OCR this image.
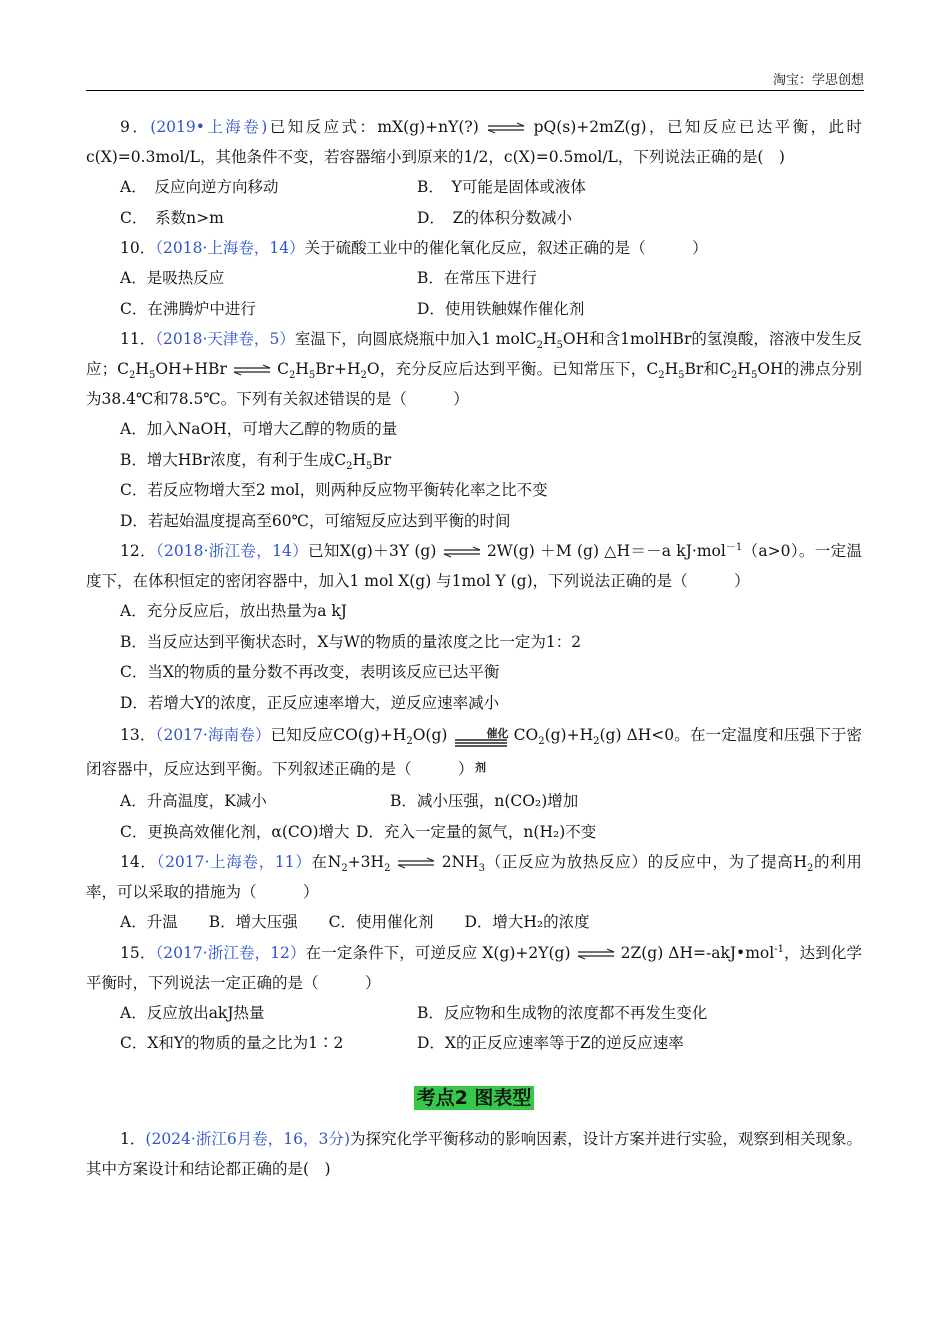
淘宝：学思创想

9．(2019•上海卷)已知反应式：mX(g)+nY(?) ⇌ pQ(s)+2mZ(g)，已知反应已达平衡，此时c(X)=0.3mol/L，其他条件不变，若容器缩小到原来的1/2，c(X)=0.5mol/L，下列说法正确的是(　)

A．　反应向逆方向移动	B．　Y可能是固体或液体
C．　系数n>m	D．　Z的体积分数减小

10．（2018·上海卷，14）关于硫酸工业中的催化氧化反应，叙述正确的是（　　　）

A．是吸热反应	B．在常压下进行
C．在沸腾炉中进行	D．使用铁触媒作催化剂

11．（2018·天津卷，5）室温下，向圆底烧瓶中加入1 $molC_2H_5OH$和含1molHBr的氢溴酸，溶液中发生反应；$C_2H_5OH+HBr$ ⇌ $C_2H_5Br+H_2O$，充分反应后达到平衡。已知常压下，$C_2H_5Br$和$C_2H_5OH$的沸点分别为38.4℃和78.5℃。下列有关叙述错误的是（　　　）

A．加入NaOH，可增大乙醇的物质的量
B．增大HBr浓度，有利于生成$C_2H_5Br$
C．若反应物增大至2 mol，则两种反应物平衡转化率之比不变
D．若起始温度提高至60℃，可缩短反应达到平衡的时间

12．（2018·浙江卷，14）已知X(g)＋3Y (g) ⇌ 2W(g) ＋M (g) △H＝－a kJ·mol$^{-1}$（a>0）。一定温度下，在体积恒定的密闭容器中，加入1 mol X(g) 与1mol Y (g)，下列说法正确的是（　　　）

A．充分反应后，放出热量为a kJ
B．当反应达到平衡状态时，X与W的物质的量浓度之比一定为1：2
C．当X的物质的量分数不再改变，表明该反应已达平衡
D．若增大Y的浓度，正反应速率增大，逆反应速率减小

13．（2017·海南卷）已知反应$CO(g)+H_2O(g)$	催化剂
$CO_2(g)+H_2(g)$ ΔH<0。在一定温度和压强下于密闭容器中，反应达到平衡。下列叙述正确的是（　　　）

A．升高温度，K减小	B．减小压强，n(CO₂)增加
C．更换高效催化剂，α(CO)增大 D．充入一定量的氮气，n(H₂)不变

14．（2017·上海卷，11）在$N_2+3H_2$ ⇌ $2NH_3$（正反应为放热反应）的反应中，为了提高$H_2$的利用率，可以采取的措施为（　　　）

A．升温　　B．增大压强　　C．使用催化剂　　D．增大H₂的浓度

15．（2017·浙江卷，12）在一定条件下，可逆反应 X(g)+2Y(g) ⇌ 2Z(g) ΔH=-akJ•mol$^{-1}$，达到化学平衡时，下列说法一定正确的是（　　　）

A．反应放出akJ热量	B．反应物和生成物的浓度都不再发生变化
C．X和Y的物质的量之比为1∶2	D．X的正反应速率等于Z的逆反应速率
考点2 图表型

1．(2024·浙江6月卷，16，3分)为探究化学平衡移动的影响因素，设计方案并进行实验，观察到相关现象。其中方案设计和结论都正确的是(　)
